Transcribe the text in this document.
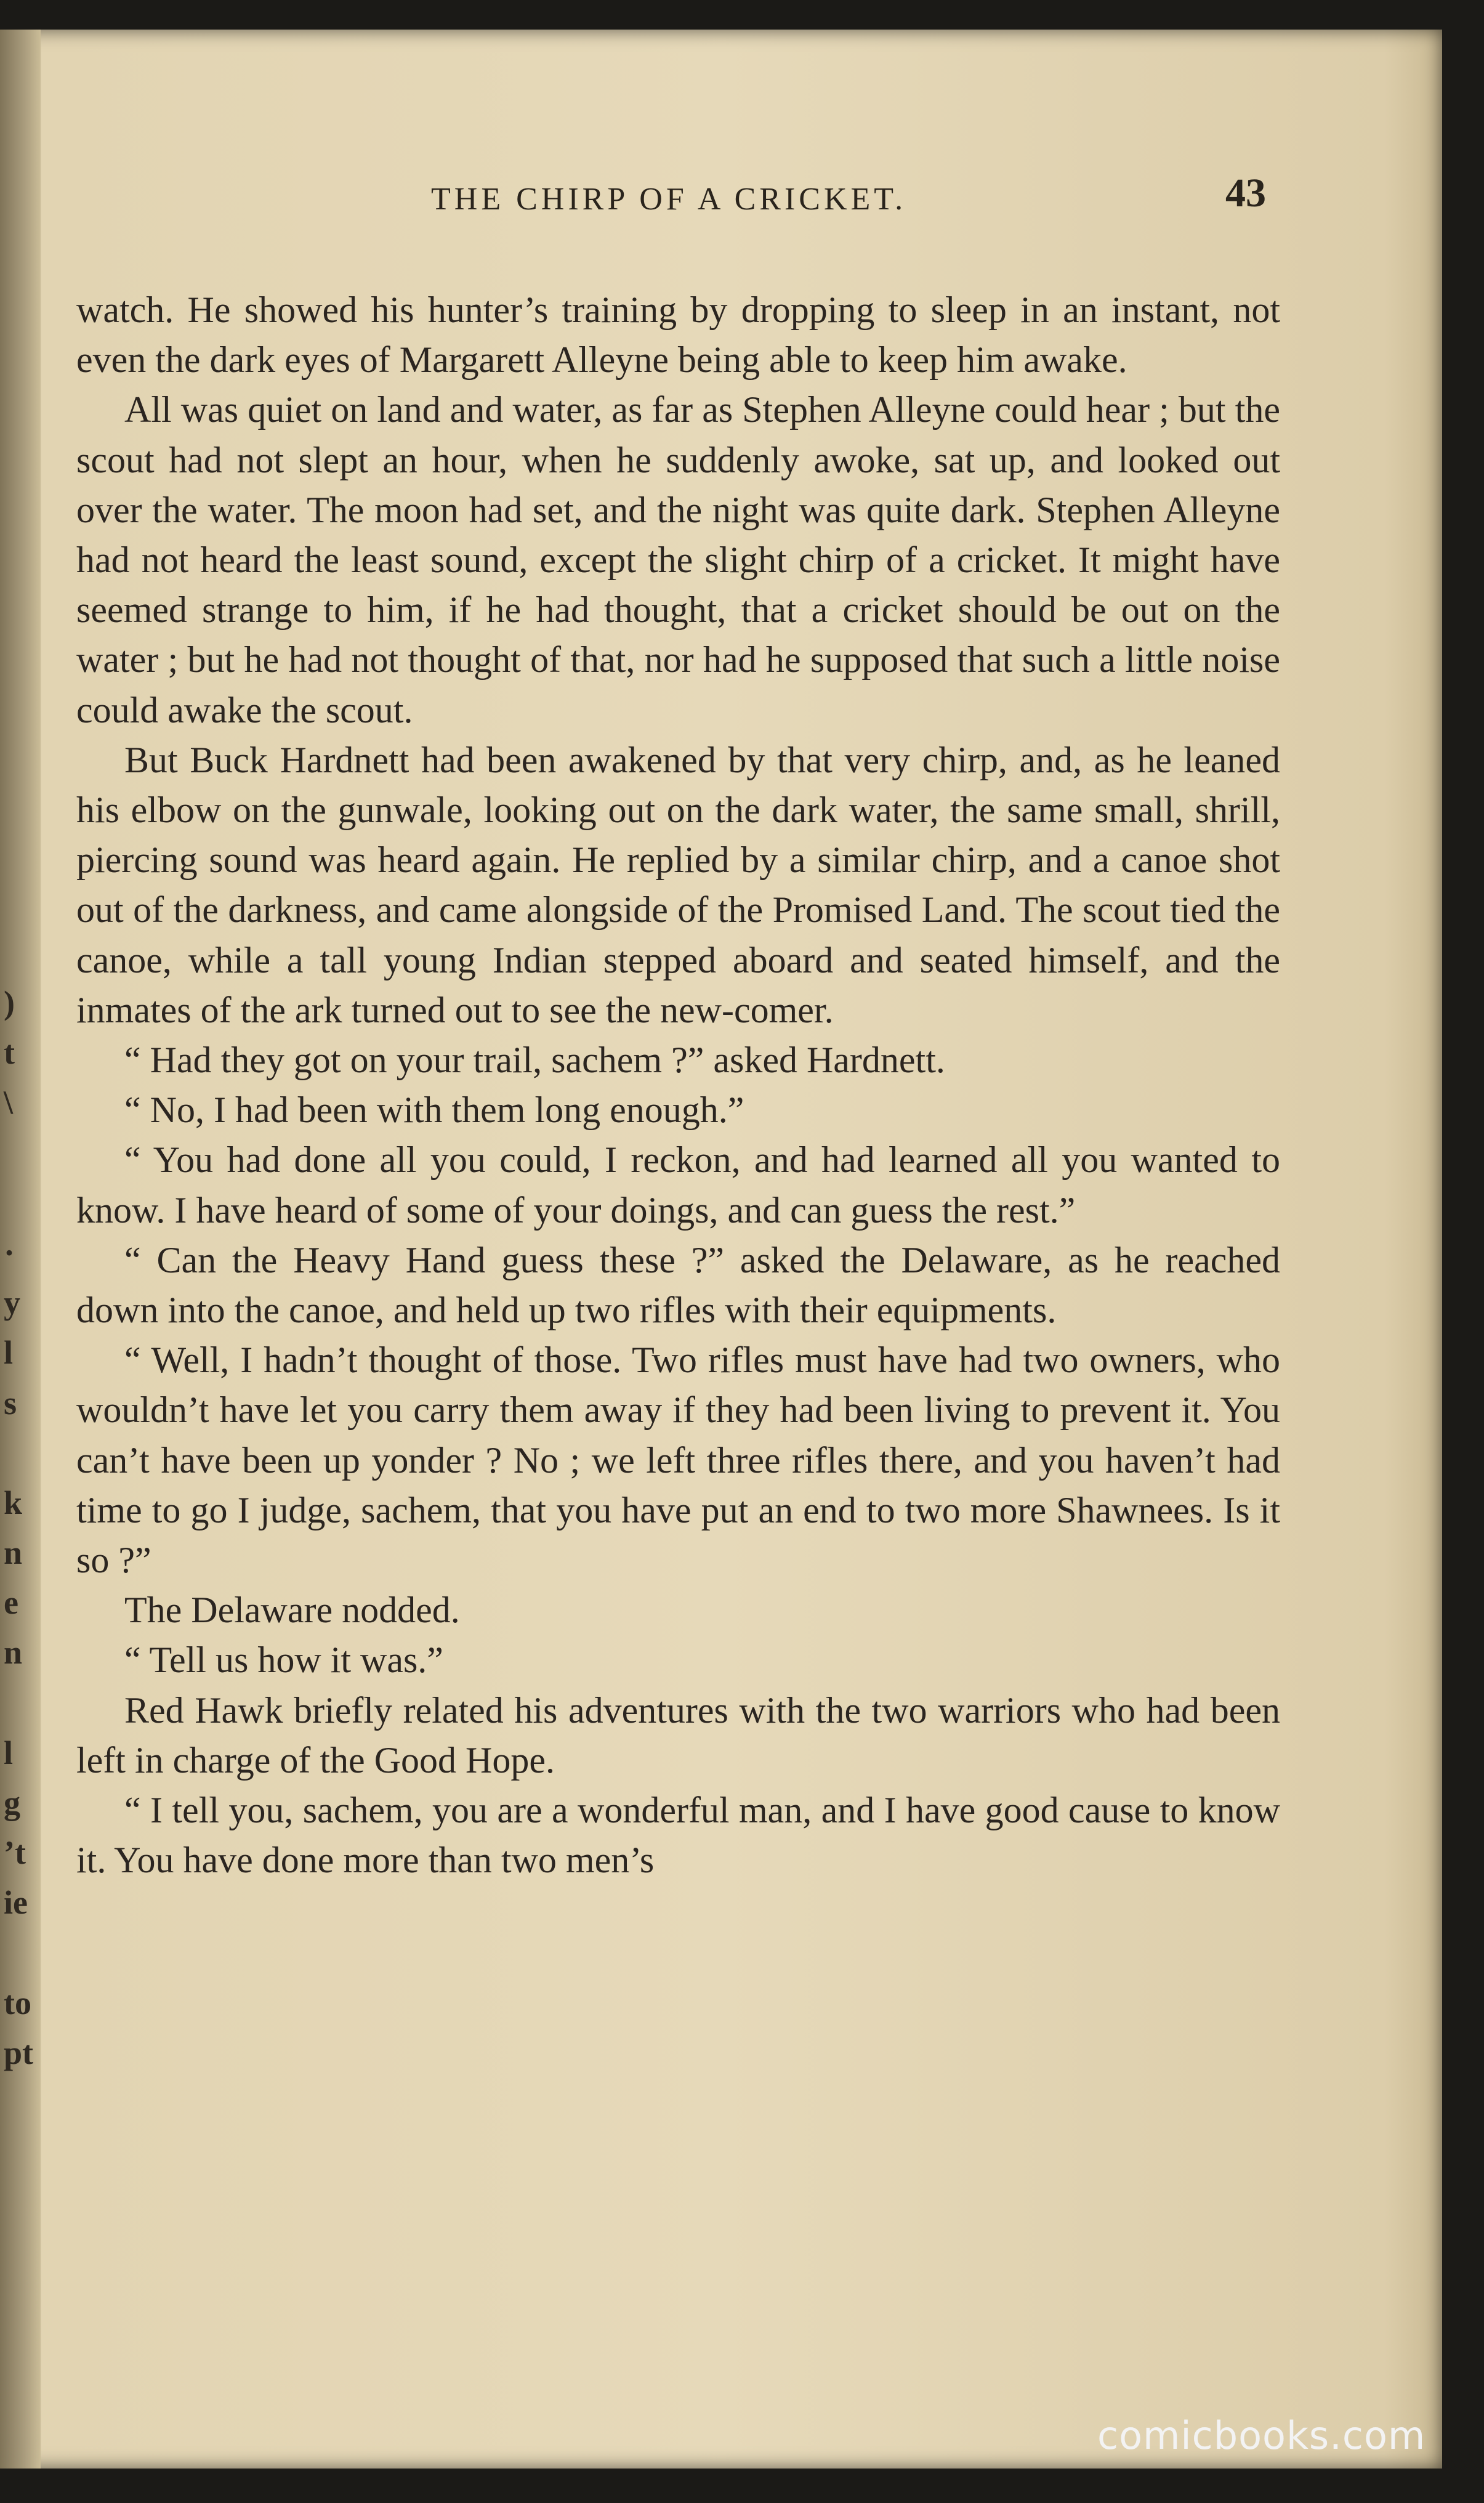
THE CHIRP OF A CRICKET.	43
)
t
\
·
y
l
s
k
n
e
n
l
g
’t
ie
to
pt

watch. He showed his hunter’s training by dropping to sleep in an instant, not even the dark eyes of Margarett Alleyne being able to keep him awake.

All was quiet on land and water, as far as Stephen Alleyne could hear ; but the scout had not slept an hour, when he suddenly awoke, sat up, and looked out over the water. The moon had set, and the night was quite dark. Stephen Alleyne had not heard the least sound, except the slight chirp of a cricket. It might have seemed strange to him, if he had thought, that a cricket should be out on the water ; but he had not thought of that, nor had he supposed that such a little noise could awake the scout.

But Buck Hardnett had been awakened by that very chirp, and, as he leaned his elbow on the gunwale, looking out on the dark water, the same small, shrill, piercing sound was heard again. He replied by a similar chirp, and a canoe shot out of the darkness, and came alongside of the Promised Land. The scout tied the canoe, while a tall young Indian stepped aboard and seated himself, and the inmates of the ark turned out to see the new-comer.

“ Had they got on your trail, sachem ?” asked Hardnett.

“ No, I had been with them long enough.”

“ You had done all you could, I reckon, and had learned all you wanted to know. I have heard of some of your doings, and can guess the rest.”

“ Can the Heavy Hand guess these ?” asked the Delaware, as he reached down into the canoe, and held up two rifles with their equipments.

“ Well, I hadn’t thought of those. Two rifles must have had two owners, who wouldn’t have let you carry them away if they had been living to prevent it. You can’t have been up yonder ? No ; we left three rifles there, and you haven’t had time to go I judge, sachem, that you have put an end to two more Shawnees. Is it so ?”

The Delaware nodded.

“ Tell us how it was.”

Red Hawk briefly related his adventures with the two warriors who had been left in charge of the Good Hope.

“ I tell you, sachem, you are a wonderful man, and I have good cause to know it. You have done more than two men’s

comicbooks.com
